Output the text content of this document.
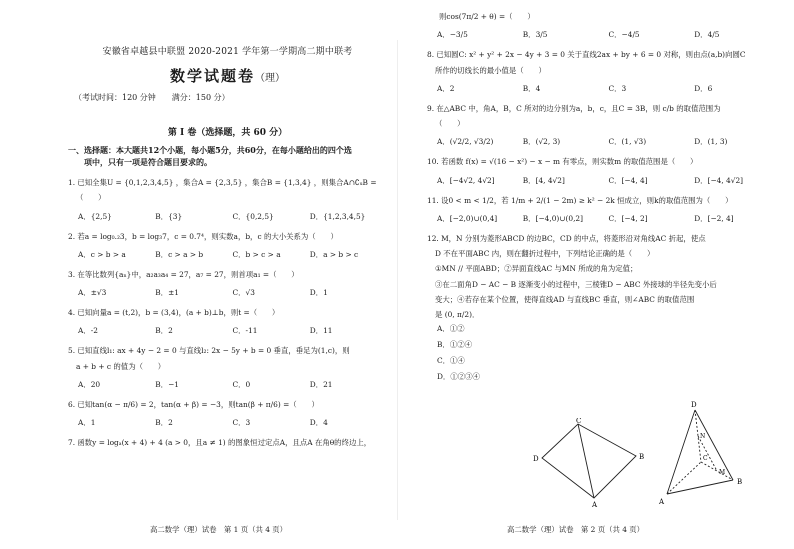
安徽省卓越县中联盟 2020-2021 学年第一学期高二期中联考
数学试题卷（理）
（考试时间：120 分钟　　满分：150 分）
第 I 卷（选择题，共 60 分）
一、选择题：本大题共12个小题，每小题5分，共60分，在每小题给出的四个选
项中，只有一项是符合题目要求的。
1. 已知全集U = {0,1,2,3,4,5} ，集合A = {2,3,5} ，集合B = {1,3,4} ，则集合A∩∁ᵤB =
（　　）
A．{2,5}	B．{3}	C．{0,2,5}	D．{1,2,3,4,5}
2. 若a = log₀.₂3，b = log₃7，c = 0.7⁴，则实数a，b，c 的大小关系为（　　）
A．c > b > a	B．c > a > b	C．b > c > a	D．a > b > c
3. 在等比数列{aₙ}中，a₂a₃a₄ = 27，a₇ = 27，则首项a₁ =（　　）
A．±√3	B．±1	C．√3	D．1
4. 已知向量a = (t,2)，b = (3,4)，(a + b)⊥b，则t =（　　）
A．-2	B．2	C．-11	D．11
5. 已知直线l₁: ax + 4y − 2 = 0 与直线l₂: 2x − 5y + b = 0 垂直，垂足为(1,c)，则
a + b + c 的值为（　　）
A．20	B．−1	C．0	D．21
6. 已知tan(α − π/6) = 2，tan(α + β) = −3，则tan(β + π/6) =（　　）
A．1	B．2	C．3	D．4
7. 函数y = logₐ(x + 4) + 4 (a > 0，且a ≠ 1) 的图象恒过定点A，且点A 在角θ的终边上，
高二数学（理）试卷　第 1 页（共 4 页）
则cos(7π/2 + θ) =（　　）
A．−3/5	B．3/5	C．−4/5	D．4/5
8. 已知圆C: x² + y² + 2x − 4y + 3 = 0 关于直线2ax + by + 6 = 0 对称，则由点(a,b)向圆C
所作的切线长的最小值是（　　）
A．2	B．4	C．3	D．6
9. 在△ABC 中，角A，B，C 所对的边分别为a，b，c，且C = 3B，则 c/b 的取值范围为
（　　）
A．(√2/2, √3/2)	B．(√2, 3)	C．(1, √3)	D．(1, 3)
10. 若函数 f(x) = √(16 − x²) − x − m 有零点，则实数m 的取值范围是（　　）
A．[−4√2, 4√2]	B．[4, 4√2]	C．[−4, 4]	D．[−4, 4√2]
11. 设0 < m < 1/2，若 1/m + 2/(1 − 2m) ≥ k² − 2k 恒成立，则k的取值范围为（　　）
A．[−2,0)∪(0,4]	B．[−4,0)∪(0,2]	C．[−4, 2]	D．[−2, 4]
12. M，N 分别为菱形ABCD 的边BC，CD 的中点，将菱形沿对角线AC 折起，使点
D 不在平面ABC 内，则在翻折过程中，下列结论正确的是（　　）
①MN // 平面ABD；②异面直线AC 与MN 所成的角为定值；
③在二面角D − AC − B 逐渐变小的过程中，三棱锥D − ABC 外接球的半径先变小后
变大；④若存在某个位置，使得直线AD 与直线BC 垂直，则∠ABC 的取值范围
是 (0, π/2)．
A．①②
B．①②④
C．①④
D．①②③④
D
C
B
A
D
A
B
C
M
N
高二数学（理）试卷　第 2 页（共 4 页）
